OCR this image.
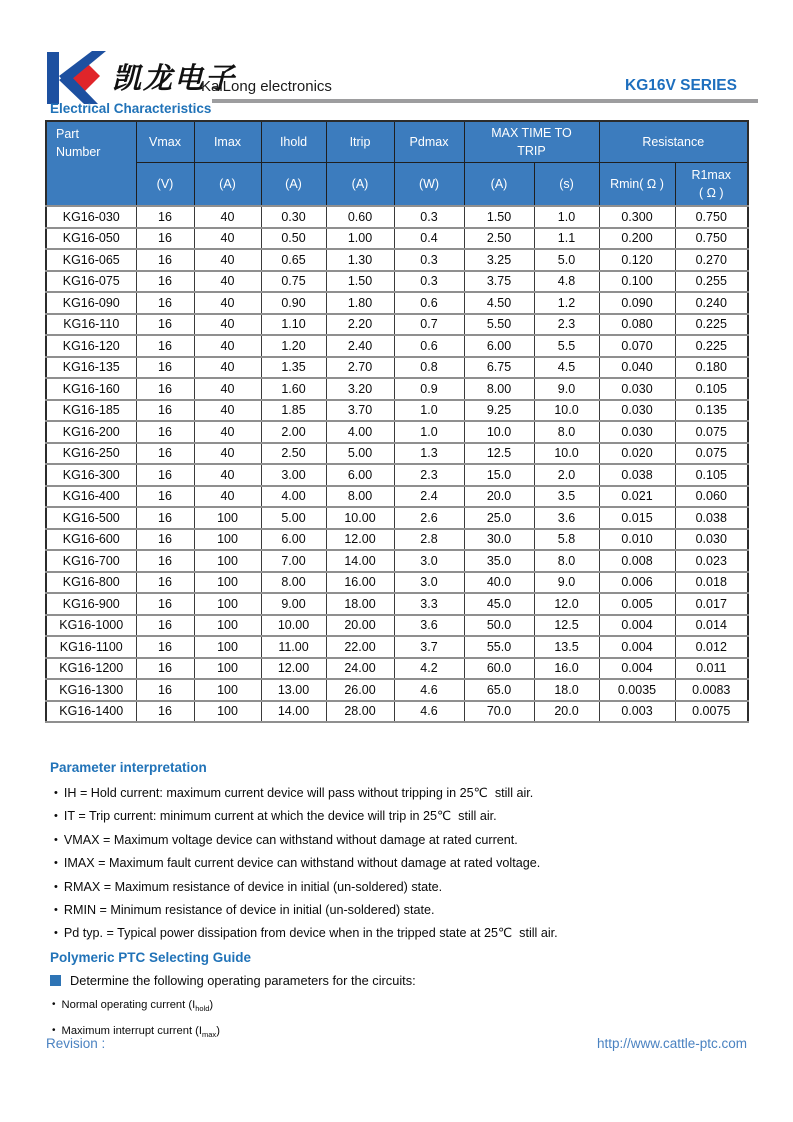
凯龙电子
KaiLong electronics	KG16V SERIES
Electrical Characteristics
Part Number	Vmax	Imax	Ihold	Itrip	Pdmax	MAX TIME TO TRIP		Resistance	
	(V)	(A)	(A)	(A)	(W)	(A)	(s)	Rmin( Ω )	R1max
( Ω )
KG16-030	16	40	0.30	0.60	0.3	1.50	1.0	0.300	0.750
KG16-050	16	40	0.50	1.00	0.4	2.50	1.1	0.200	0.750
KG16-065	16	40	0.65	1.30	0.3	3.25	5.0	0.120	0.270
KG16-075	16	40	0.75	1.50	0.3	3.75	4.8	0.100	0.255
KG16-090	16	40	0.90	1.80	0.6	4.50	1.2	0.090	0.240
KG16-110	16	40	1.10	2.20	0.7	5.50	2.3	0.080	0.225
KG16-120	16	40	1.20	2.40	0.6	6.00	5.5	0.070	0.225
KG16-135	16	40	1.35	2.70	0.8	6.75	4.5	0.040	0.180
KG16-160	16	40	1.60	3.20	0.9	8.00	9.0	0.030	0.105
KG16-185	16	40	1.85	3.70	1.0	9.25	10.0	0.030	0.135
KG16-200	16	40	2.00	4.00	1.0	10.0	8.0	0.030	0.075
KG16-250	16	40	2.50	5.00	1.3	12.5	10.0	0.020	0.075
KG16-300	16	40	3.00	6.00	2.3	15.0	2.0	0.038	0.105
KG16-400	16	40	4.00	8.00	2.4	20.0	3.5	0.021	0.060
KG16-500	16	100	5.00	10.00	2.6	25.0	3.6	0.015	0.038
KG16-600	16	100	6.00	12.00	2.8	30.0	5.8	0.010	0.030
KG16-700	16	100	7.00	14.00	3.0	35.0	8.0	0.008	0.023
KG16-800	16	100	8.00	16.00	3.0	40.0	9.0	0.006	0.018
KG16-900	16	100	9.00	18.00	3.3	45.0	12.0	0.005	0.017
KG16-1000	16	100	10.00	20.00	3.6	50.0	12.5	0.004	0.014
KG16-1100	16	100	11.00	22.00	3.7	55.0	13.5	0.004	0.012
KG16-1200	16	100	12.00	24.00	4.2	60.0	16.0	0.004	0.011
KG16-1300	16	100	13.00	26.00	4.6	65.0	18.0	0.0035	0.0083
KG16-1400	16	100	14.00	28.00	4.6	70.0	20.0	0.003	0.0075
Parameter interpretation
• IH = Hold current: maximum current device will pass without tripping in 25℃  still air.
• IT = Trip current: minimum current at which the device will trip in 25℃  still air.
• VMAX = Maximum voltage device can withstand without damage at rated current.
• IMAX = Maximum fault current device can withstand without damage at rated voltage.
• RMAX = Maximum resistance of device in initial (un-soldered) state.
• RMIN = Minimum resistance of device in initial (un-soldered) state.
• Pd typ. = Typical power dissipation from device when in the tripped state at 25℃  still air.
Polymeric PTC Selecting Guide
Determine the following operating parameters for the circuits:
• Normal operating current $(I_{hold})$
• Maximum interrupt current $(I_{max})$
Revision :	http://www.cattle-ptc.com
